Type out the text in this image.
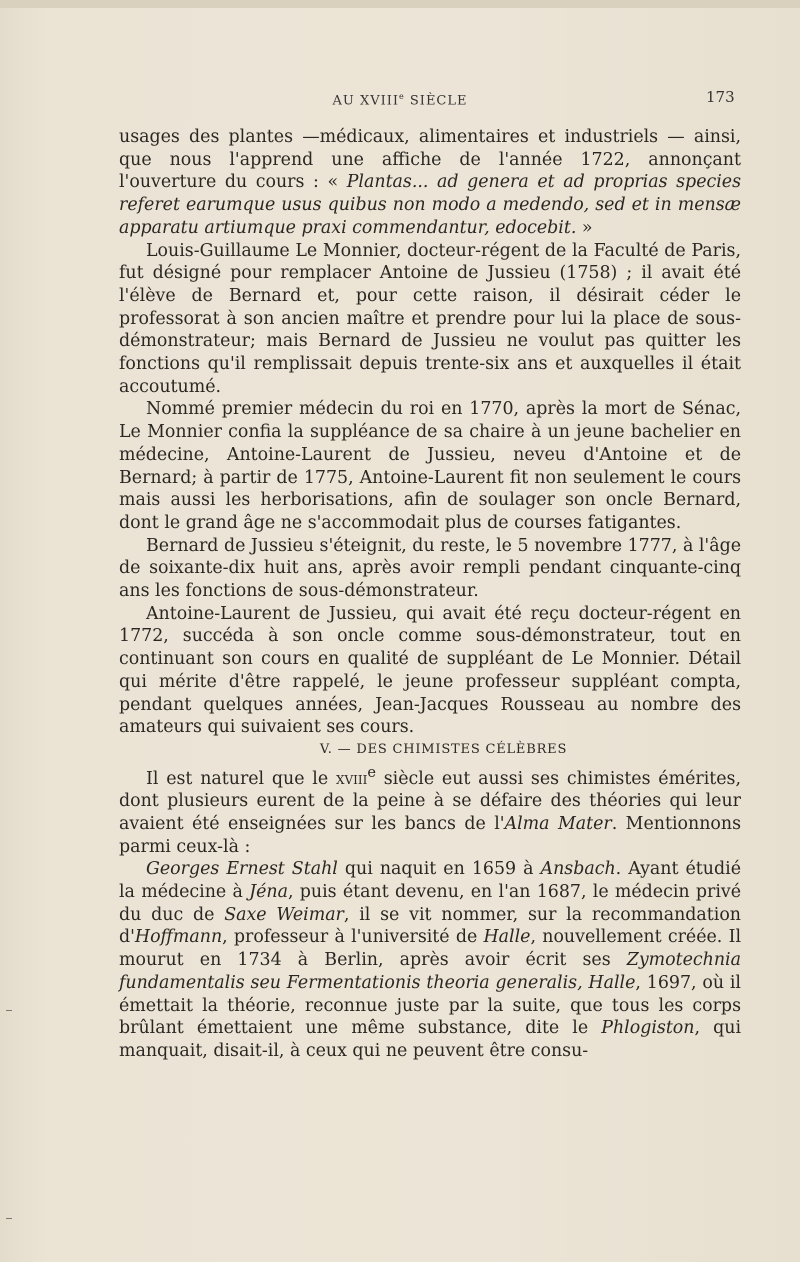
AU XVIIIe SIÈCLE	173

usages des plantes —médicaux, alimentaires et industriels — ainsi, que nous l'apprend une affiche de l'année 1722, annonçant l'ouverture du cours : « Plantas... ad genera et ad proprias species referet earumque usus quibus non modo a medendo, sed et in mensæ apparatu artiumque praxi commendantur, edocebit. »

Louis-Guillaume Le Monnier, docteur-régent de la Faculté de Paris, fut désigné pour remplacer Antoine de Jussieu (1758) ; il avait été l'élève de Bernard et, pour cette raison, il désirait céder le professorat à son ancien maître et prendre pour lui la place de sous-démonstrateur; mais Bernard de Jussieu ne voulut pas quitter les fonctions qu'il remplissait depuis trente-six ans et auxquelles il était accoutumé.

Nommé premier médecin du roi en 1770, après la mort de Sénac, Le Monnier confia la suppléance de sa chaire à un jeune bachelier en médecine, Antoine-Laurent de Jussieu, neveu d'Antoine et de Bernard; à partir de 1775, Antoine-Laurent fit non seulement le cours mais aussi les herborisations, afin de soulager son oncle Bernard, dont le grand âge ne s'accommodait plus de courses fatigantes.

Bernard de Jussieu s'éteignit, du reste, le 5 novembre 1777, à l'âge de soixante-dix huit ans, après avoir rempli pendant cinquante-cinq ans les fonctions de sous-démonstrateur.

Antoine-Laurent de Jussieu, qui avait été reçu docteur-régent en 1772, succéda à son oncle comme sous-démonstrateur, tout en continuant son cours en qualité de suppléant de Le Monnier. Détail qui mérite d'être rappelé, le jeune professeur suppléant compta, pendant quelques années, Jean-Jacques Rousseau au nombre des amateurs qui suivaient ses cours.

V. — DES CHIMISTES CÉLÈBRES

Il est naturel que le xviii$^e$ siècle eut aussi ses chimistes émérites, dont plusieurs eurent de la peine à se défaire des théories qui leur avaient été enseignées sur les bancs de l'Alma Mater. Mentionnons parmi ceux-là :

Georges Ernest Stahl qui naquit en 1659 à Ansbach. Ayant étudié la médecine à Jéna, puis étant devenu, en l'an 1687, le médecin privé du duc de Saxe Weimar, il se vit nommer, sur la recommandation d'Hoffmann, professeur à l'université de Halle, nouvellement créée. Il mourut en 1734 à Berlin, après avoir écrit ses Zymotechnia fundamentalis seu Fermentationis theoria generalis, Halle, 1697, où il émettait la théorie, reconnue juste par la suite, que tous les corps brûlant émettaient une même substance, dite le Phlogiston, qui manquait, disait-il, à ceux qui ne peuvent être consu-
